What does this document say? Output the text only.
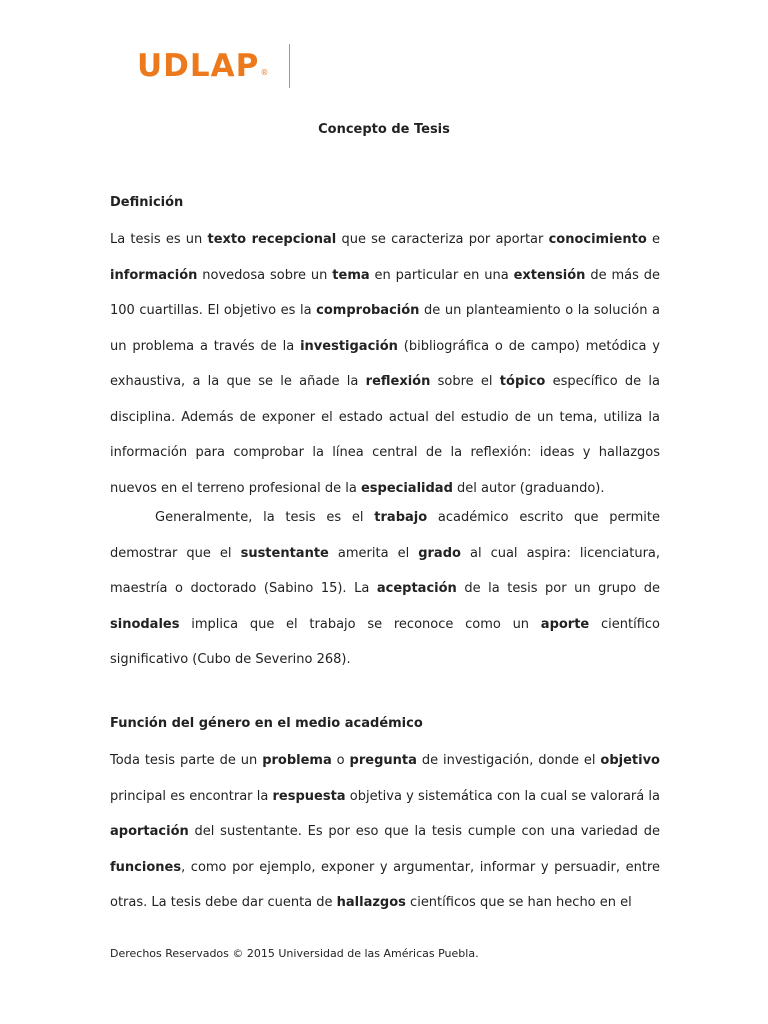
UDLAP ®
Concepto de Tesis
Definición

La tesis es un texto recepcional que se caracteriza por aportar conocimiento e información novedosa sobre un tema en particular en una extensión de más de 100 cuartillas. El objetivo es la comprobación de un planteamiento o la solución a un problema a través de la investigación (bibliográfica o de campo) metódica y exhaustiva, a la que se le añade la reflexión sobre el tópico específico de la disciplina. Además de exponer el estado actual del estudio de un tema, utiliza la información para comprobar la línea central de la reflexión: ideas y hallazgos nuevos en el terreno profesional de la especialidad del autor (graduando).

Generalmente, la tesis es el trabajo académico escrito que permite demostrar que el sustentante amerita el grado al cual aspira: licenciatura, maestría o doctorado (Sabino 15). La aceptación de la tesis por un grupo de sinodales implica que el trabajo se reconoce como un aporte científico significativo (Cubo de Severino 268).

Función del género en el medio académico

Toda tesis parte de un problema o pregunta de investigación, donde el objetivo principal es encontrar la respuesta objetiva y sistemática con la cual se valorará la aportación del sustentante. Es por eso que la tesis cumple con una variedad de funciones, como por ejemplo, exponer y argumentar, informar y persuadir, entre otras. La tesis debe dar cuenta de hallazgos científicos que se han hecho en el

Derechos Reservados © 2015 Universidad de las Américas Puebla.
